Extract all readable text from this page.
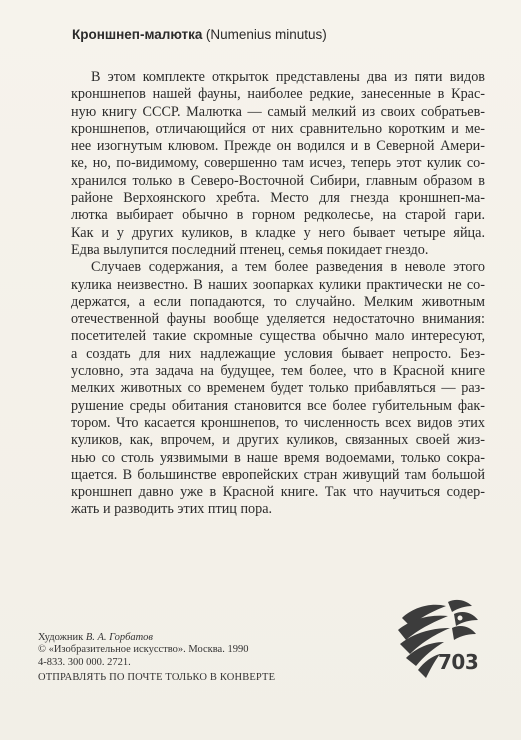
Кроншнеп-малютка (Numenius minutus)
В этом комплекте открыток представлены два из пяти видов
кроншнепов нашей фауны, наиболее редкие, занесенные в Крас-
ную книгу СССР. Малютка — самый мелкий из своих собратьев-
кроншнепов, отличающийся от них сравнительно коротким и ме-
нее изогнутым клювом. Прежде он водился и в Северной Амери-
ке, но, по-видимому, совершенно там исчез, теперь этот кулик со-
хранился только в Северо-Восточной Сибири, главным образом в
районе Верхоянского хребта. Место для гнезда кроншнеп-ма-
лютка выбирает обычно в горном редколесье, на старой гари.
Как и у других куликов, в кладке у него бывает четыре яйца.
Едва вылупится последний птенец, семья покидает гнездо.
Случаев содержания, а тем более разведения в неволе этого
кулика неизвестно. В наших зоопарках кулики практически не со-
держатся, а если попадаются, то случайно. Мелким животным
отечественной фауны вообще уделяется недостаточно внимания:
посетителей такие скромные существа обычно мало интересуют,
а создать для них надлежащие условия бывает непросто. Без-
условно, эта задача на будущее, тем более, что в Красной книге
мелких животных со временем будет только прибавляться — раз-
рушение среды обитания становится все более губительным фак-
тором. Что касается кроншнепов, то численность всех видов этих
куликов, как, впрочем, и других куликов, связанных своей жиз-
нью со столь уязвимыми в наше время водоемами, только сокра-
щается. В большинстве европейских стран живущий там большой
кроншнеп давно уже в Красной книге. Так что научиться содер-
жать и разводить этих птиц пора.
Художник В. А. Горбатов
© «Изобразительное искусство». Москва. 1990
4-833. 300 000. 2721.
ОТПРАВЛЯТЬ ПО ПОЧТЕ ТОЛЬКО В КОНВЕРТЕ
703
